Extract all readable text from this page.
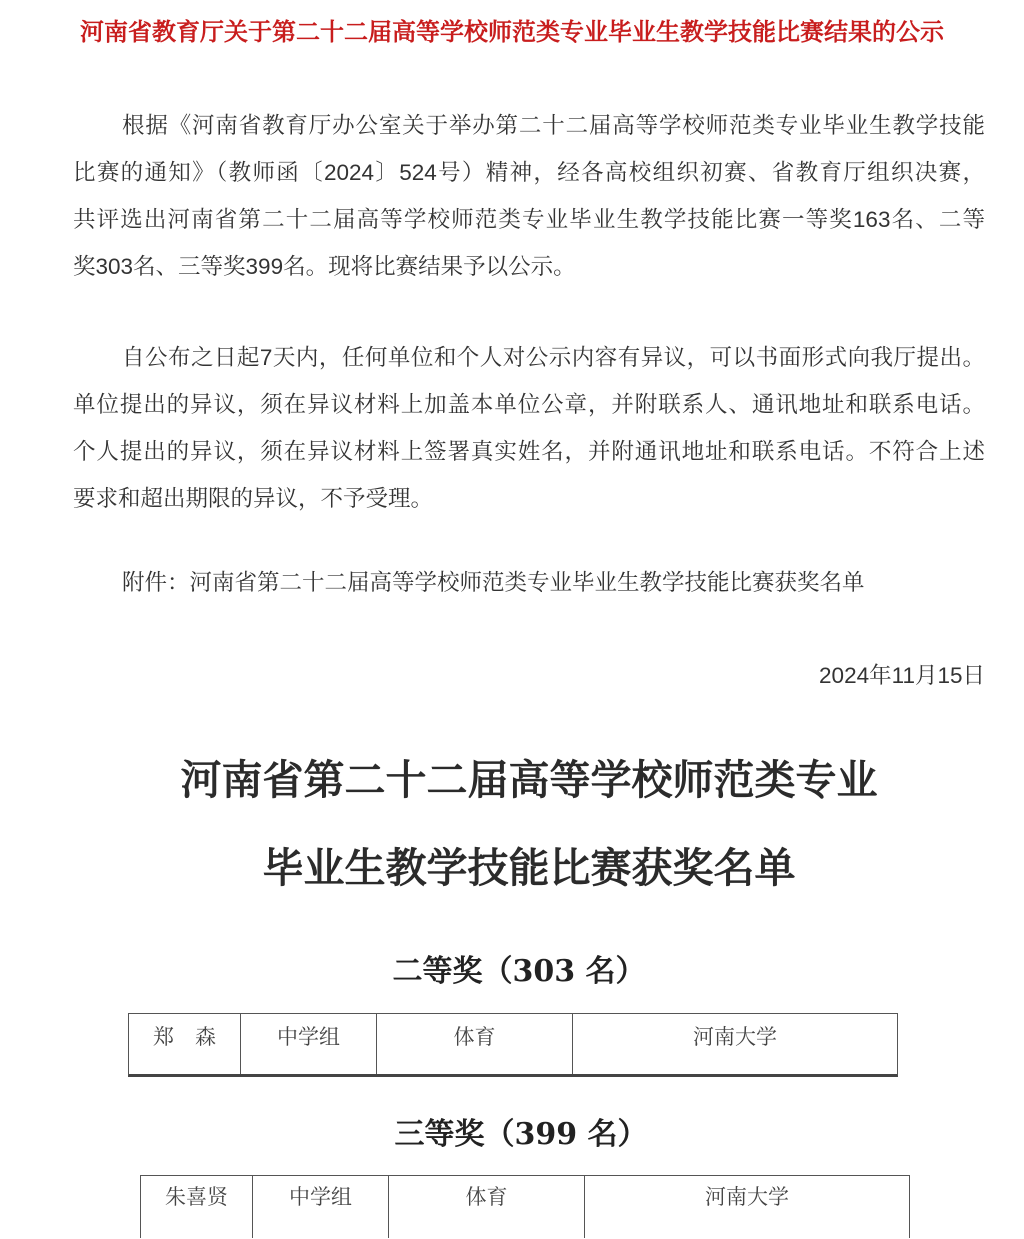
河南省教育厅关于第二十二届高等学校师范类专业毕业生教学技能比赛结果的公示
根据《河南省教育厅办公室关于举办第二十二届高等学校师范类专业毕业生教学技能
比赛的通知》（教师函〔2024〕524号）精神，经各高校组织初赛、省教育厅组织决赛，
共评选出河南省第二十二届高等学校师范类专业毕业生教学技能比赛一等奖163名、二等
奖303名、三等奖399名。现将比赛结果予以公示。
自公布之日起7天内，任何单位和个人对公示内容有异议，可以书面形式向我厅提出。
单位提出的异议，须在异议材料上加盖本单位公章，并附联系人、通讯地址和联系电话。
个人提出的异议，须在异议材料上签署真实姓名，并附通讯地址和联系电话。不符合上述
要求和超出期限的异议，不予受理。
附件：河南省第二十二届高等学校师范类专业毕业生教学技能比赛获奖名单
2024年11月15日
河南省第二十二届高等学校师范类专业
毕业生教学技能比赛获奖名单
二等奖（303 名）
郑　森	中学组	体育	河南大学
三等奖（399 名）
朱喜贤	中学组	体育	河南大学
